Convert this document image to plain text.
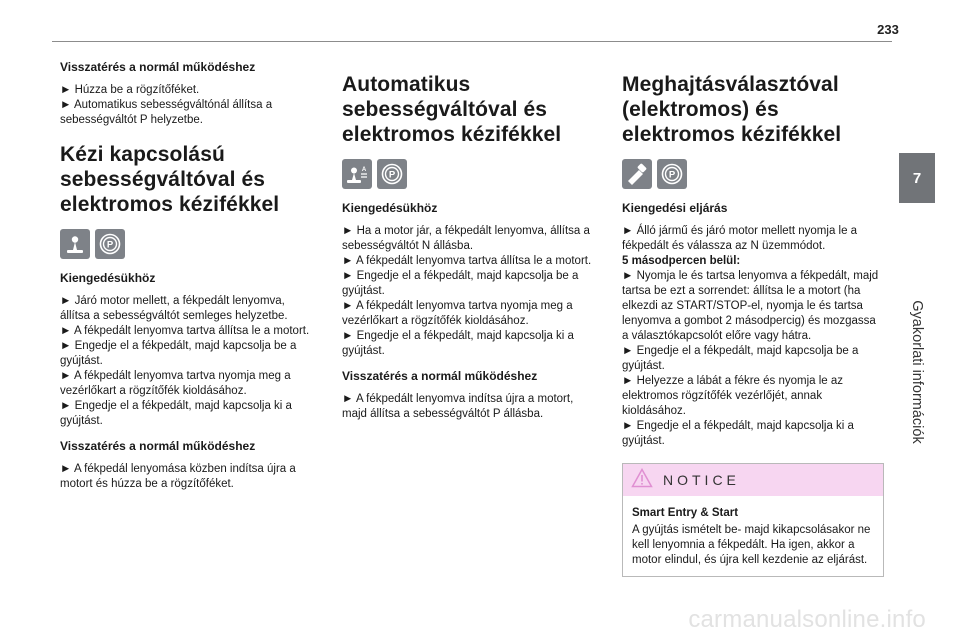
233
7
Gyakorlati információk
Visszatérés a normál működéshez
► Húzza be a rögzítőféket.
► Automatikus sebességváltónál állítsa a sebességváltót P helyzetbe.
Kézi kapcsolású sebességváltóval és elektromos kézifékkel
P
Kiengedésükhöz
► Járó motor mellett, a fékpedált lenyomva, állítsa a sebességváltót semleges helyzetbe.
► A fékpedált lenyomva tartva állítsa le a motort.
► Engedje el a fékpedált, majd kapcsolja be a gyújtást.
► A fékpedált lenyomva tartva nyomja meg a vezérlőkart a rögzítőfék kioldásához.
► Engedje el a fékpedált, majd kapcsolja ki a gyújtást.
Visszatérés a normál működéshez
► A fékpedál lenyomása közben indítsa újra a motort és húzza be a rögzítőféket.
Automatikus sebességváltóval és elektromos kézifékkel
A P
Kiengedésükhöz
► Ha a motor jár, a fékpedált lenyomva, állítsa a sebességváltót N állásba.
► A fékpedált lenyomva tartva állítsa le a motort.
► Engedje el a fékpedált, majd kapcsolja be a gyújtást.
► A fékpedált lenyomva tartva nyomja meg a vezérlőkart a rögzítőfék kioldásához.
► Engedje el a fékpedált, majd kapcsolja ki a gyújtást.
Visszatérés a normál működéshez
► A fékpedált lenyomva indítsa újra a motort, majd állítsa a sebességváltót P állásba.
Meghajtásválasztóval (elektromos) és elektromos kézifékkel
P
Kiengedési eljárás
► Álló jármű és járó motor mellett nyomja le a fékpedált és válassza az N üzemmódot.
5 másodpercen belül:
► Nyomja le és tartsa lenyomva a fékpedált, majd tartsa be ezt a sorrendet: állítsa le a motort (ha elkezdi az START/STOP-el, nyomja le és tartsa lenyomva a gombot 2 másodpercig) és mozgassa a választókapcsolót előre vagy hátra.
► Engedje el a fékpedált, majd kapcsolja be a gyújtást.
► Helyezze a lábát a fékre és nyomja le az elektromos rögzítőfék vezérlőjét, annak kioldásához.
► Engedje el a fékpedált, majd kapcsolja ki a gyújtást.
NOTICE
Smart Entry & Start
A gyújtás ismételt be- majd kikapcsolásakor ne kell lenyomnia a fékpedált. Ha igen, akkor a motor elindul, és újra kell kezdenie az eljárást.
carmanualsonline.info
